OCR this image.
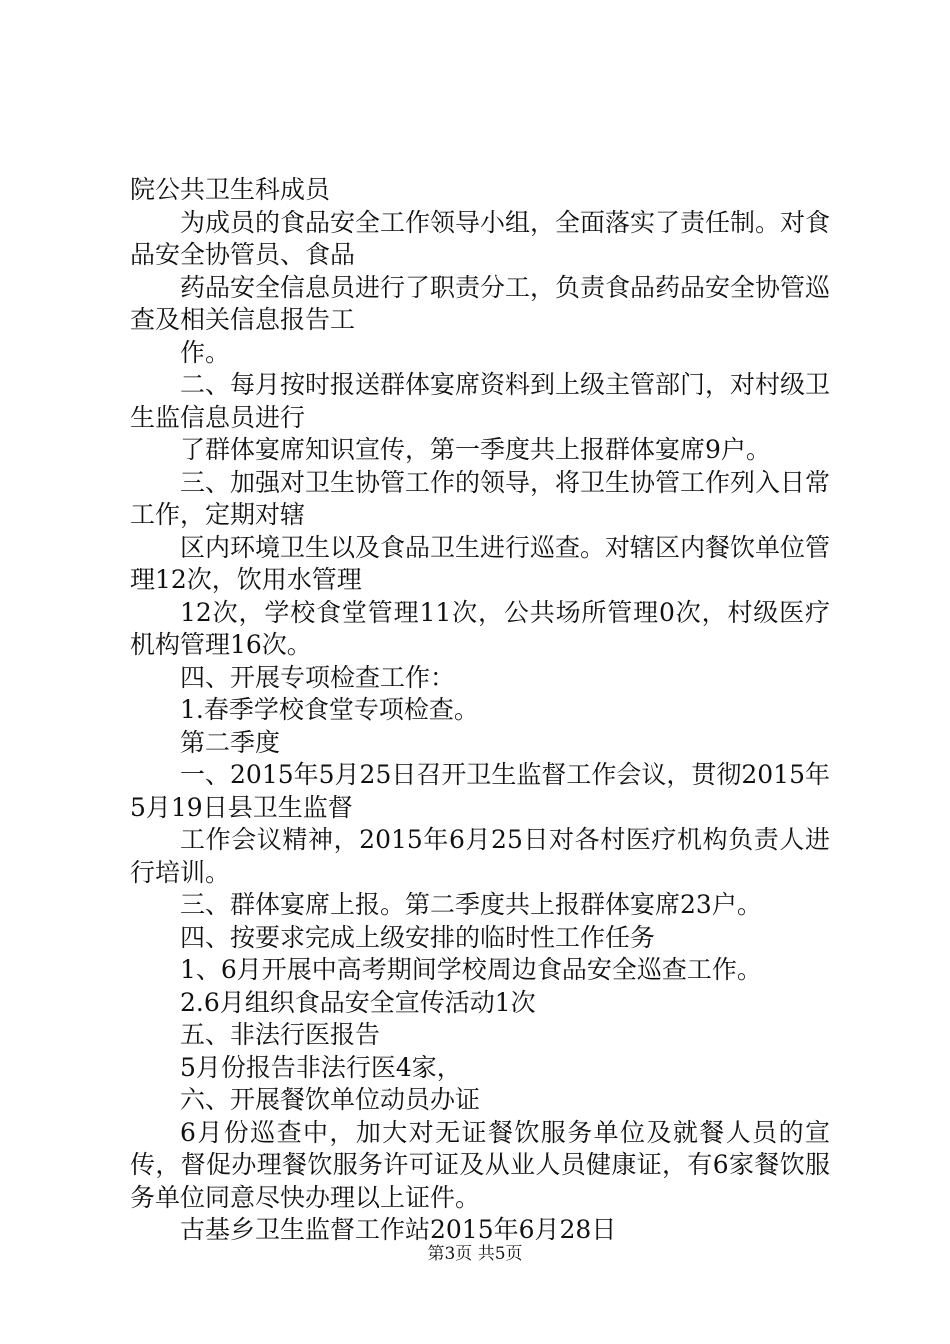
院公共卫生科成员

为成员的食品安全工作领导小组，全面落实了责任制。对食品安全协管员、食品

药品安全信息员进行了职责分工，负责食品药品安全协管巡查及相关信息报告工

作。

二、每月按时报送群体宴席资料到上级主管部门，对村级卫生监信息员进行

了群体宴席知识宣传，第一季度共上报群体宴席9户。

三、加强对卫生协管工作的领导，将卫生协管工作列入日常工作，定期对辖

区内环境卫生以及食品卫生进行巡查。对辖区内餐饮单位管理12次，饮用水管理

12次，学校食堂管理11次，公共场所管理0次，村级医疗机构管理16次。

四、开展专项检查工作：

1.春季学校食堂专项检查。

第二季度

一、2015年5月25日召开卫生监督工作会议，贯彻2015年5月19日县卫生监督

工作会议精神，2015年6月25日对各村医疗机构负责人进行培训。

三、群体宴席上报。第二季度共上报群体宴席23户。

四、按要求完成上级安排的临时性工作任务

1、6月开展中高考期间学校周边食品安全巡查工作。

2.6月组织食品安全宣传活动1次

五、非法行医报告

5月份报告非法行医4家，

六、开展餐饮单位动员办证

6月份巡查中，加大对无证餐饮服务单位及就餐人员的宣传，督促办理餐饮服务许可证及从业人员健康证，有6家餐饮服务单位同意尽快办理以上证件。

古基乡卫生监督工作站2015年6月28日

第3页 共5页
